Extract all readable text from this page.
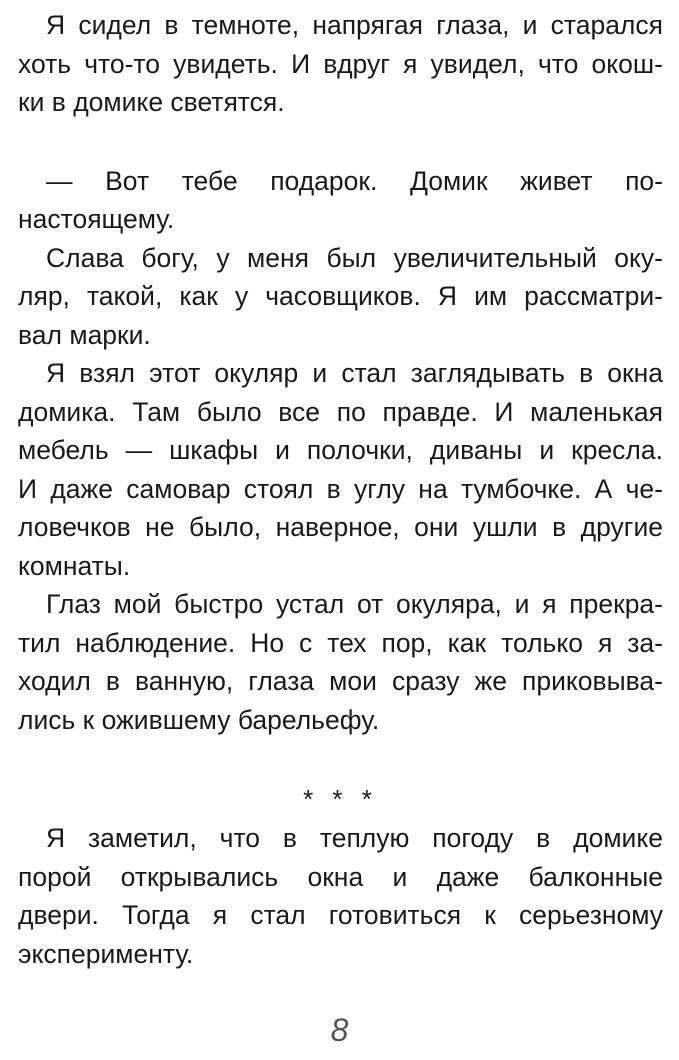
Я сидел в темноте, напрягая глаза, и старался
хоть что-то увидеть. И вдруг я увидел, что окош-
ки в домике светятся.
— Вот тебе подарок. Домик живет по-
настоящему.
Слава богу, у меня был увеличительный оку-
ляр, такой, как у часовщиков. Я им рассматри-
вал марки.
Я взял этот окуляр и стал заглядывать в окна
домика. Там было все по правде. И маленькая
мебель — шкафы и полочки, диваны и кресла.
И даже самовар стоял в углу на тумбочке. А че-
ловечков не было, наверное, они ушли в другие
комнаты.
Глаз мой быстро устал от окуляра, и я прекра-
тил наблюдение. Но с тех пор, как только я за-
ходил в ванную, глаза мои сразу же приковыва-
лись к ожившему барельефу.
* * *
Я заметил, что в теплую погоду в домике
порой открывались окна и даже балконные
двери. Тогда я стал готовиться к серьезному
эксперименту.
8
